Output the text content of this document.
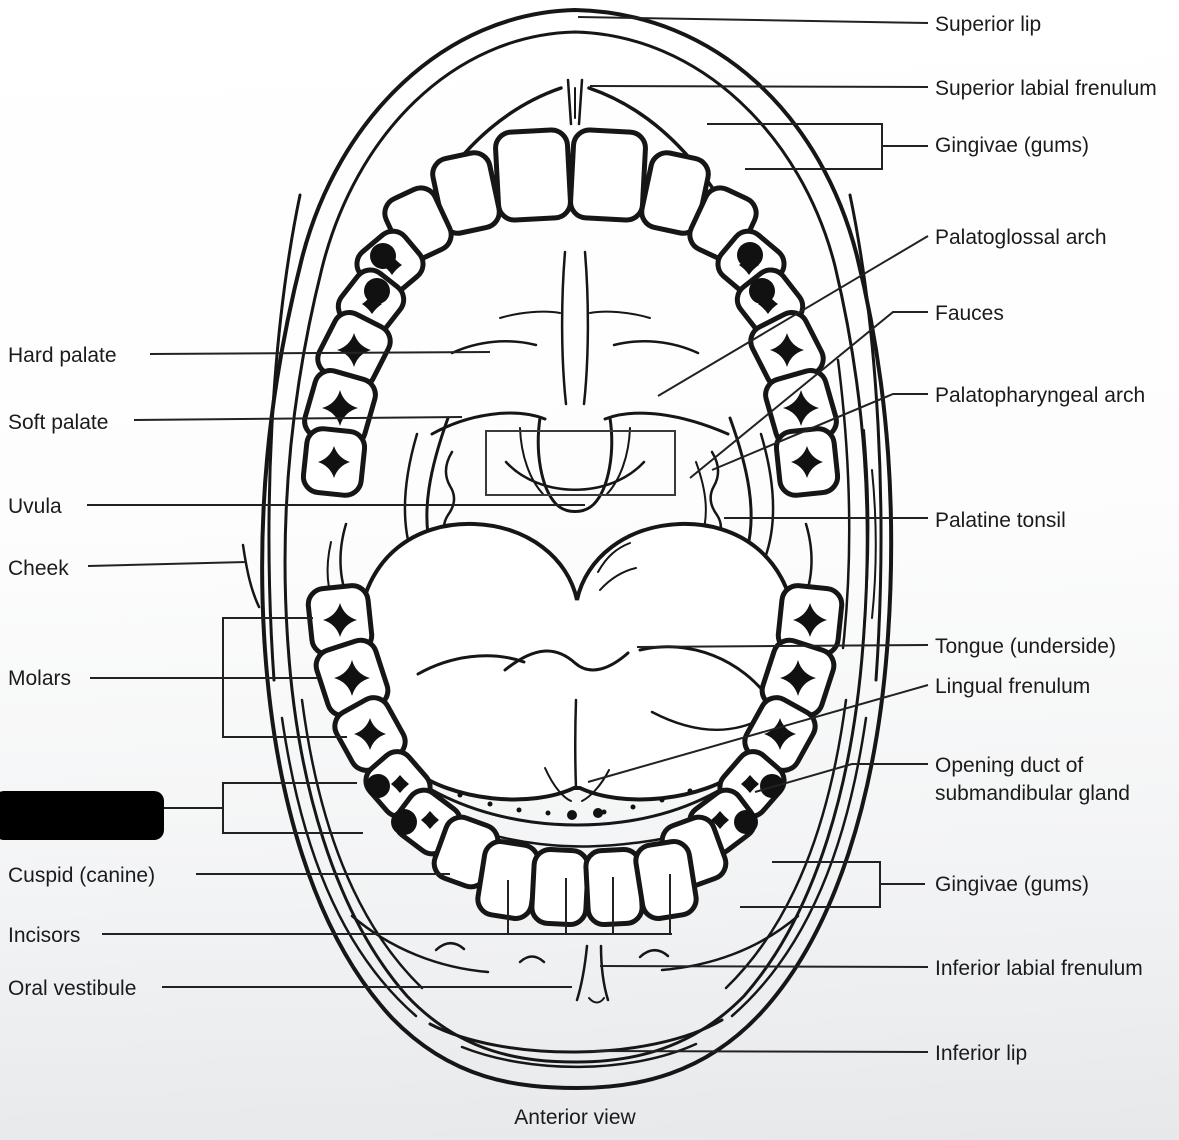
Hard palate
Soft palate
Uvula
Cheek
Molars
Cuspid (canine)
Incisors
Oral vestibule
Superior lip
Superior labial frenulum
Gingivae (gums)
Palatoglossal arch
Fauces
Palatopharyngeal arch
Palatine tonsil
Tongue (underside)
Lingual frenulum
Opening duct of submandibular gland
Gingivae (gums)
Inferior labial frenulum
Inferior lip
Anterior view
